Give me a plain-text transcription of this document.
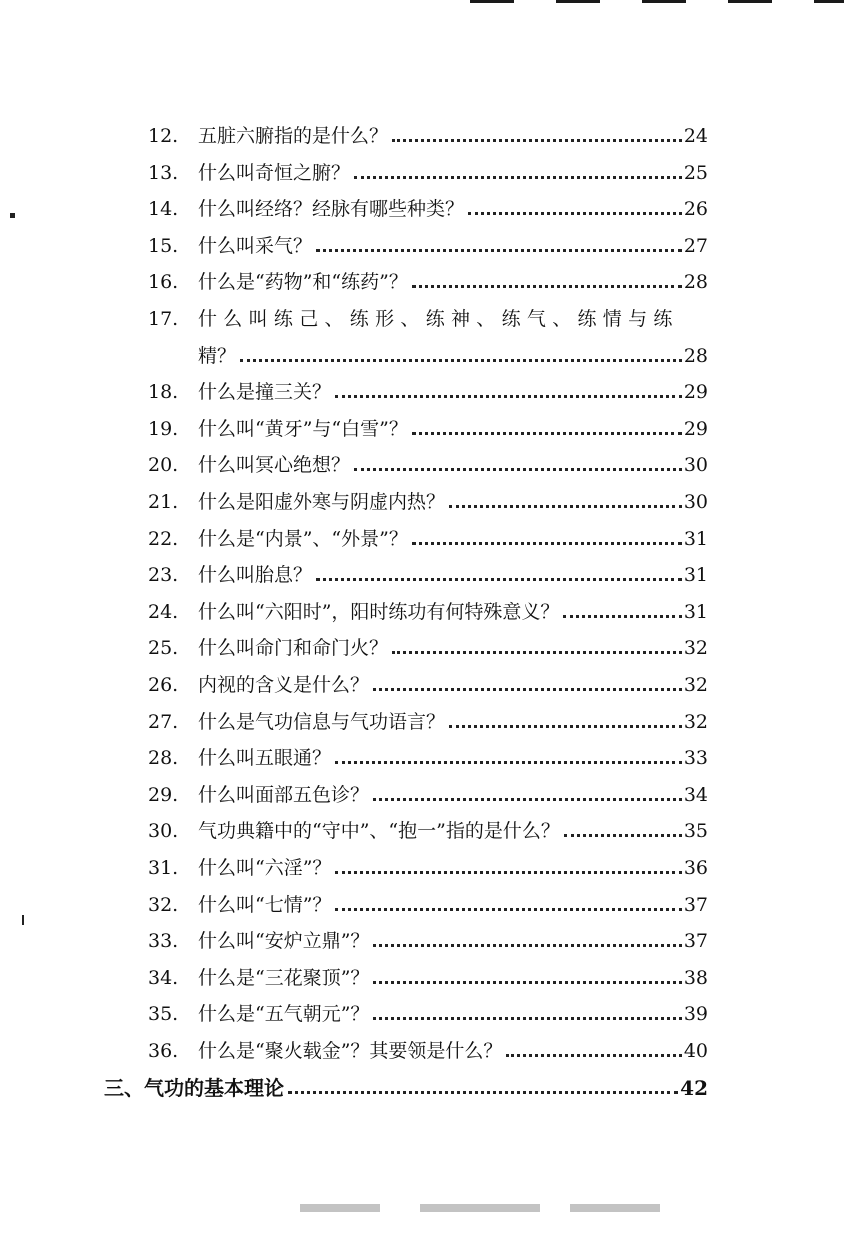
12.	五脏六腑指的是什么？	24
13.	什么叫奇恒之腑？	25
14.	什么叫经络？经脉有哪些种类？	26
15.	什么叫采气？	27
16.	什么是“药物”和“练药”？	28
17.	什么叫练己、练形、练神、练气、练情与练
精？	28
18.	什么是撞三关？	29
19.	什么叫“黄牙”与“白雪”？	29
20.	什么叫冥心绝想？	30
21.	什么是阳虚外寒与阴虚内热？	30
22.	什么是“内景”、“外景”？	31
23.	什么叫胎息？	31
24.	什么叫“六阳时”，阳时练功有何特殊意义？	31
25.	什么叫命门和命门火？	32
26.	内视的含义是什么？	32
27.	什么是气功信息与气功语言？	32
28.	什么叫五眼通？	33
29.	什么叫面部五色诊？	34
30.	气功典籍中的“守中”、“抱一”指的是什么？	35
31.	什么叫“六淫”？	36
32.	什么叫“七情”？	37
33.	什么叫“安炉立鼎”？	37
34.	什么是“三花聚顶”？	38
35.	什么是“五气朝元”？	39
36.	什么是“聚火载金”？其要领是什么？	40
三、气功的基本理论	42
